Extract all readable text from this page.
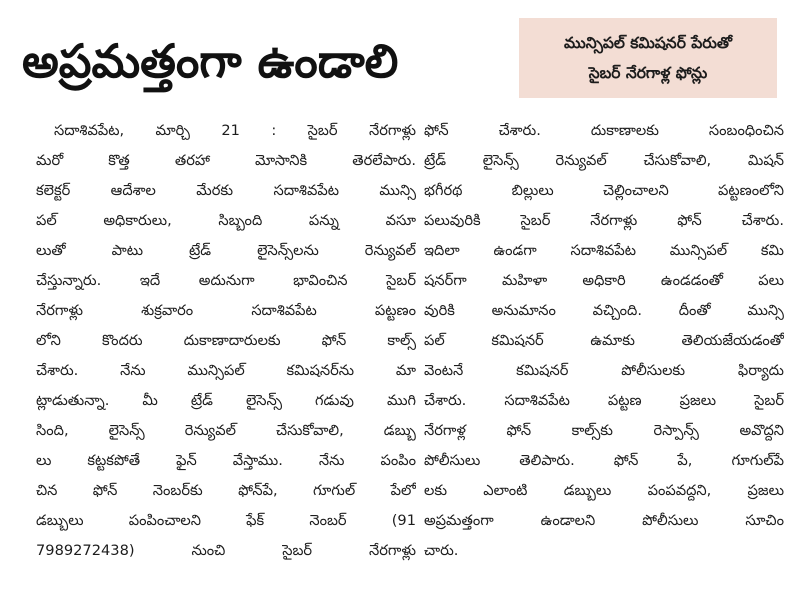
అప్రమత్తంగా ఉండాలి	మున్సిపల్ కమిషనర్ పేరుతో
సైబర్ నేరగాళ్ల ఫోన్లు
సదాశివపేట, మార్చి 21 : సైబర్ నేరగాళ్లు
మరో కొత్త తరహా మోసానికి తెరలేపారు.
కలెక్టర్ ఆదేశాల మేరకు సదాశివపేట మున్సి
పల్ అధికారులు, సిబ్బంది పన్ను వసూ
లుతో పాటు ట్రేడ్ లైసెన్స్‌లను రెన్యువల్
చేస్తున్నారు. ఇదే అదునుగా భావించిన సైబర్
నేరగాళ్లు శుక్రవారం సదాశివపేట పట్టణం
లోని కొందరు దుకాణాదారులకు ఫోన్ కాల్స్
చేశారు. నేను మున్సిపల్ కమిషనర్‌ను మా
ట్లాడుతున్నా. మీ ట్రేడ్ లైసెన్స్ గడువు ముగి
సింది, లైసెన్స్ రెన్యువల్ చేసుకోవాలి, డబ్బు
లు కట్టకపోతే ఫైన్ వేస్తాము. నేను పంపిం
చిన ఫోన్ నెంబర్‌కు ఫోన్‌పే, గూగుల్ పేలో
డబ్బులు పంపించాలని ఫేక్ నెంబర్ (91
7989272438) నుంచి సైబర్ నేరగాళ్లు
ఫోన్ చేశారు. దుకాణాలకు సంబంధించిన
ట్రేడ్ లైసెన్స్ రెన్యువల్ చేసుకోవాలి, మిషన్
భగీరథ బిల్లులు చెల్లించాలని పట్టణంలోని
పలువురికి సైబర్ నేరగాళ్లు ఫోన్ చేశారు.
ఇదిలా ఉండగా సదాశివపేట మున్సిపల్ కమి
షనర్‌గా మహిళా అధికారి ఉండడంతో పలు
వురికి అనుమానం వచ్చింది. దీంతో మున్సి
పల్ కమిషనర్ ఉమాకు తెలియజేయడంతో
వెంటనే కమిషనర్ పోలీసులకు ఫిర్యాదు
చేశారు. సదాశివపేట పట్టణ ప్రజలు సైబర్
నేరగాళ్ల ఫోన్ కాల్స్‌కు రెస్పాన్స్ అవొద్దని
పోలీసులు తెలిపారు. ఫోన్ పే, గూగుల్‌పే
లకు ఎలాంటి డబ్బులు పంపవద్దని, ప్రజలు
అప్రమత్తంగా ఉండాలని పోలీసులు సూచిం
చారు.
